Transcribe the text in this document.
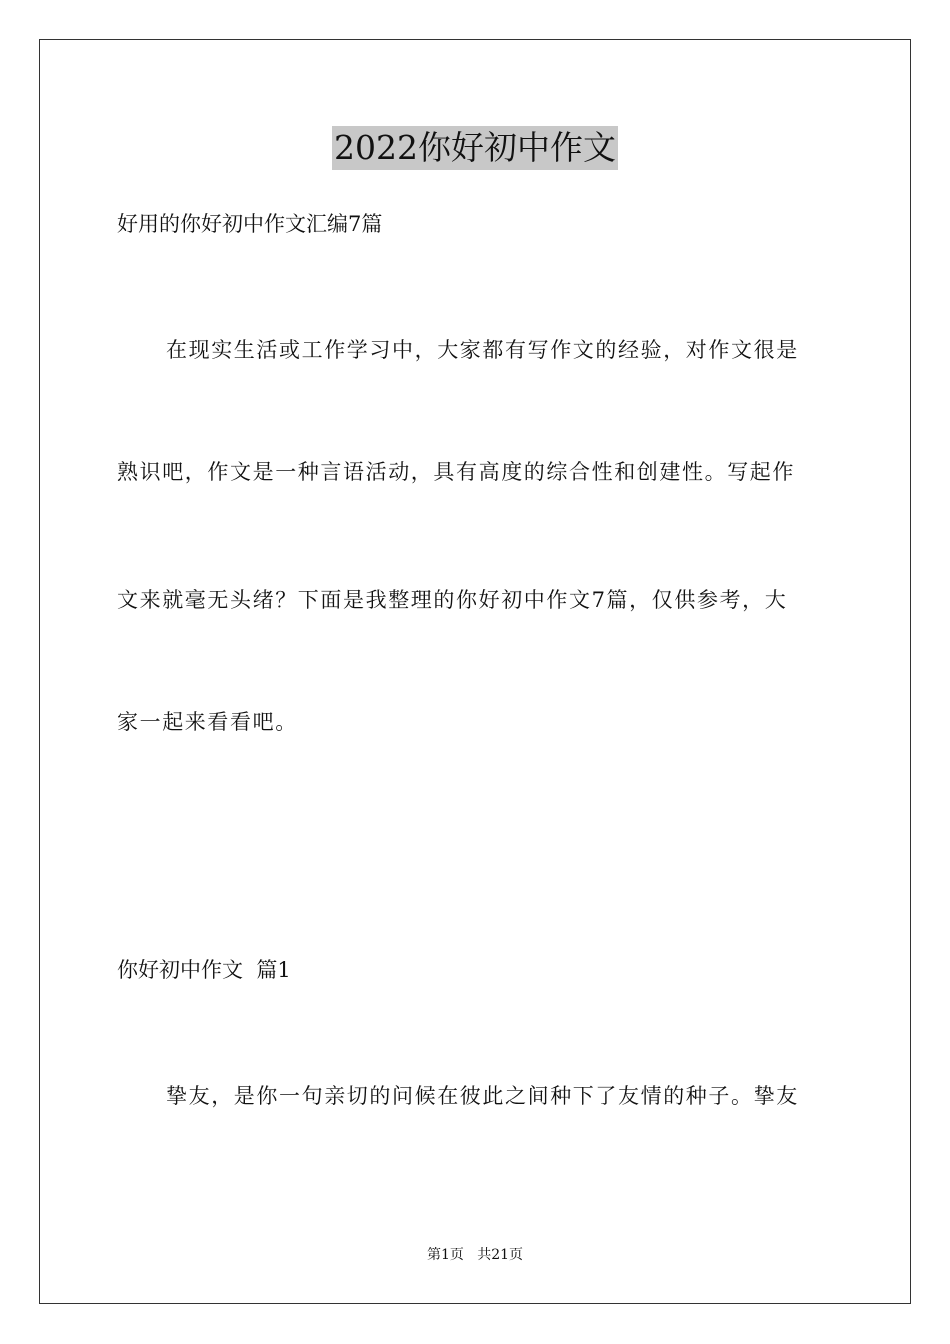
2022你好初中作文
好用的你好初中作文汇编7篇
在现实生活或工作学习中，大家都有写作文的经验，对作文很是
熟识吧，作文是一种言语活动，具有高度的综合性和创建性。写起作
文来就毫无头绪？下面是我整理的你好初中作文7篇，仅供参考，大
家一起来看看吧。
你好初中作文  篇1
挚友，是你一句亲切的问候在彼此之间种下了友情的种子。挚友
第1页   共21页
